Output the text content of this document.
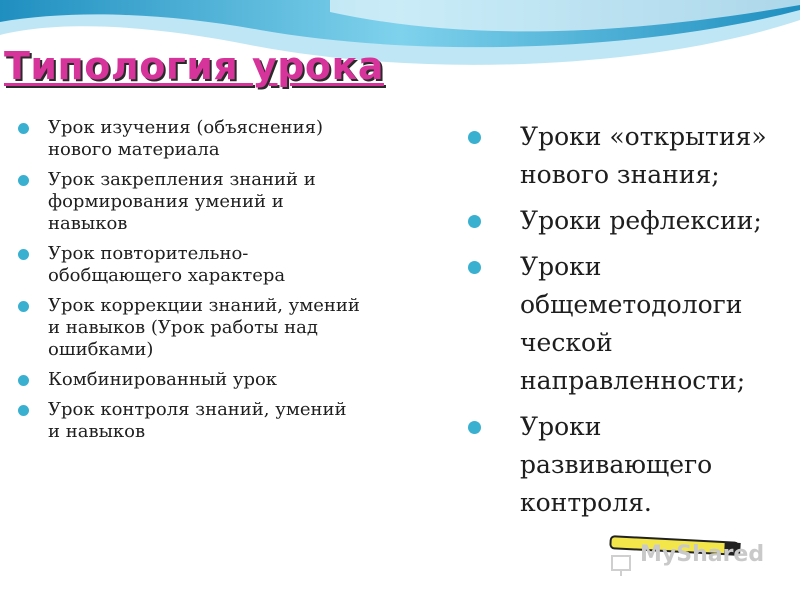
Типология урока
Урок изучения (объяснения) нового материала
Урок закрепления знаний и формирования умений и навыков
Урок повторительно-обобщающего характера
Урок коррекции знаний, умений и навыков (Урок работы над ошибками)
Комбинированный урок
Урок контроля знаний, умений и навыков
Уроки «открытия» нового знания;
Уроки рефлексии;
Уроки общеметодологи ческой направленности;
Уроки развивающего контроля.
MyShared
